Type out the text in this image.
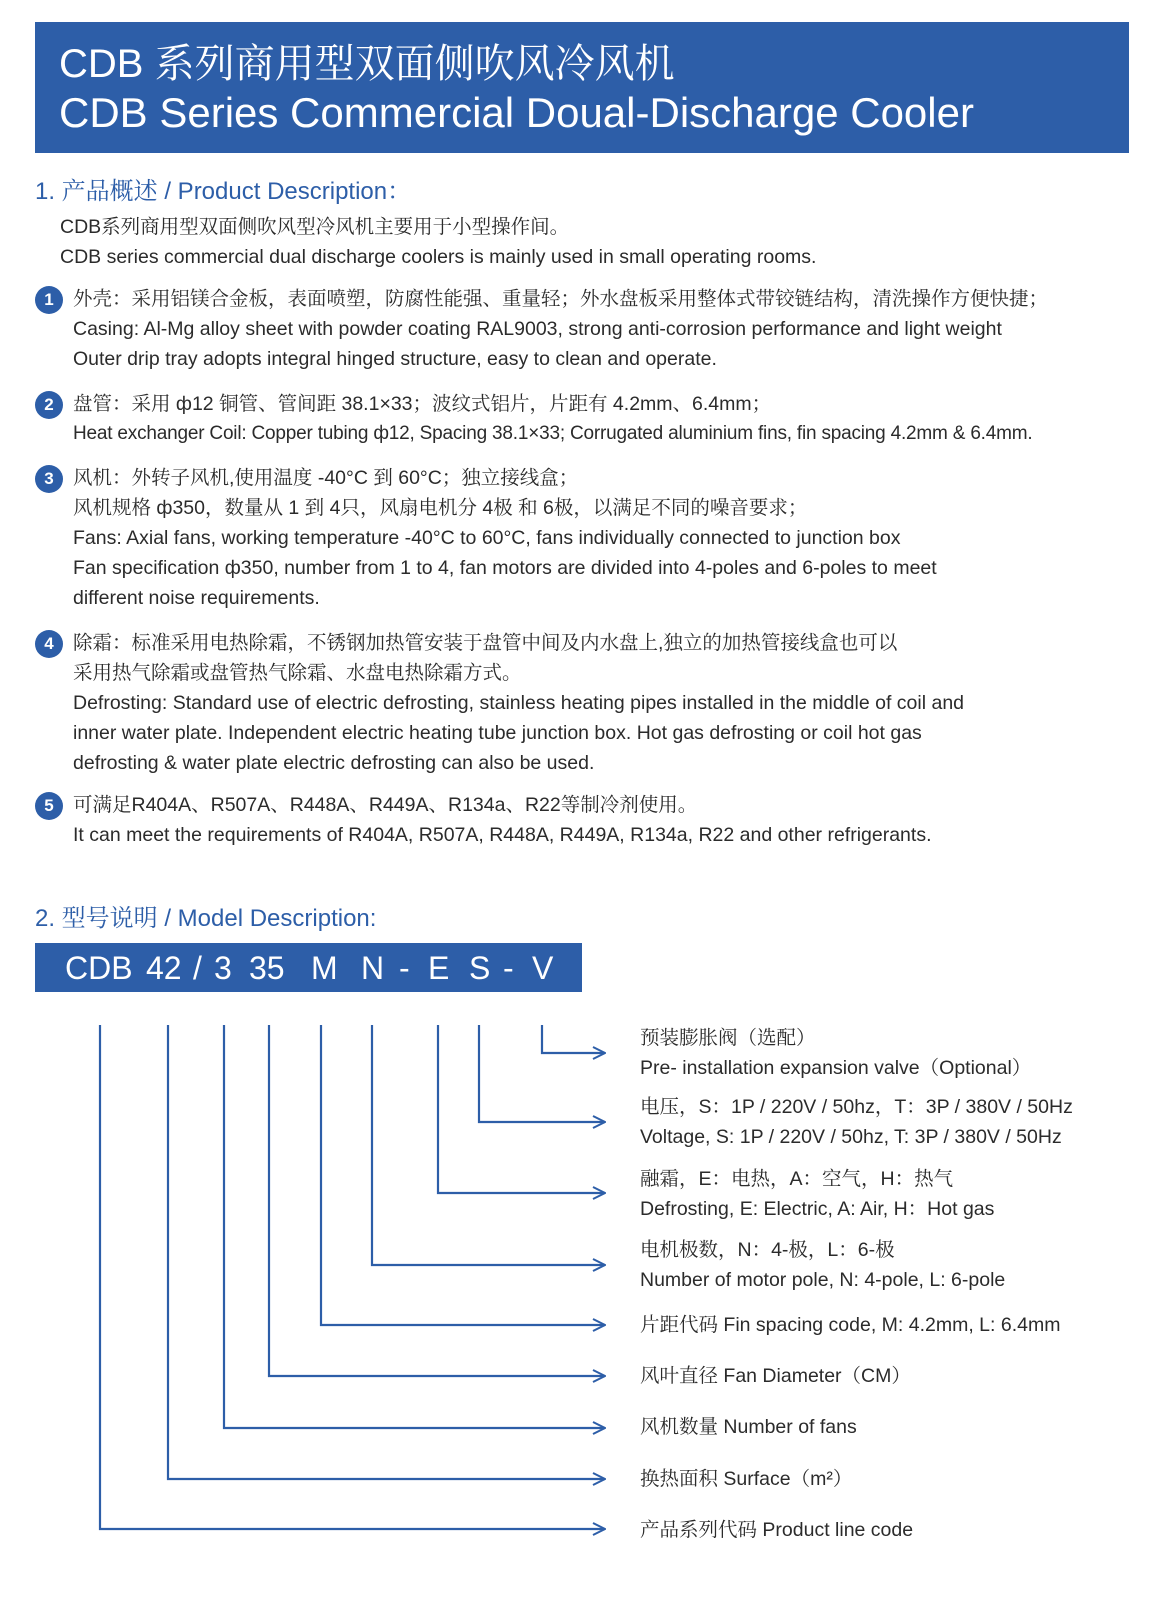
CDB 系列商用型双面侧吹风冷风机
CDB Series Commercial Doual-Discharge Cooler
1. 产品概述 / Product Description：
CDB系列商用型双面侧吹风型冷风机主要用于小型操作间。
CDB series commercial dual discharge coolers is mainly used in small operating rooms.
1 外壳：采用铝镁合金板，表面喷塑，防腐性能强、重量轻；外水盘板采用整体式带铰链结构，清洗操作方便快捷；
Casing: Al-Mg alloy sheet with powder coating RAL9003, strong anti-corrosion performance and light weight
Outer drip tray adopts integral hinged structure, easy to clean and operate.
2 盘管：采用 ф12 铜管、管间距 38.1×33；波纹式铝片，片距有 4.2mm、6.4mm；
Heat exchanger Coil: Copper tubing ф12, Spacing 38.1×33; Corrugated aluminium fins, fin spacing 4.2mm & 6.4mm.
3 风机：外转子风机,使用温度 -40°C 到 60°C；独立接线盒；
风机规格 ф350，数量从 1 到 4只，风扇电机分 4极 和 6极，以满足不同的噪音要求；
Fans: Axial fans, working temperature -40°C to 60°C, fans individually connected to junction box
Fan specification ф350, number from 1 to 4, fan motors are divided into 4-poles and 6-poles to meet
different noise requirements.
4 除霜：标准采用电热除霜，不锈钢加热管安装于盘管中间及内水盘上,独立的加热管接线盒也可以
采用热气除霜或盘管热气除霜、水盘电热除霜方式。
Defrosting: Standard use of electric defrosting, stainless heating pipes installed in the middle of coil and
inner water plate. Independent electric heating tube junction box. Hot gas defrosting or coil hot gas
defrosting & water plate electric defrosting can also be used.
5 可满足R404A、R507A、R448A、R449A、R134a、R22等制冷剂使用。
It can meet the requirements of R404A, R507A, R448A, R449A, R134a, R22 and other refrigerants.
2. 型号说明 / Model Description:
CDB 42 / 3 35 M N - E S - V
预装膨胀阀（选配）
Pre- installation expansion valve（Optional）
电压，S：1P / 220V / 50hz，T：3P / 380V / 50Hz
Voltage, S: 1P / 220V / 50hz, T: 3P / 380V / 50Hz
融霜，E：电热，A：空气，H：热气
Defrosting, E: Electric, A: Air, H：Hot gas
电机极数，N：4-极，L：6-极
Number of motor pole, N: 4-pole, L: 6-pole
片距代码 Fin spacing code, M: 4.2mm, L: 6.4mm
风叶直径 Fan Diameter（CM）
风机数量 Number of fans
换热面积 Surface（m²）
产品系列代码 Product line code
